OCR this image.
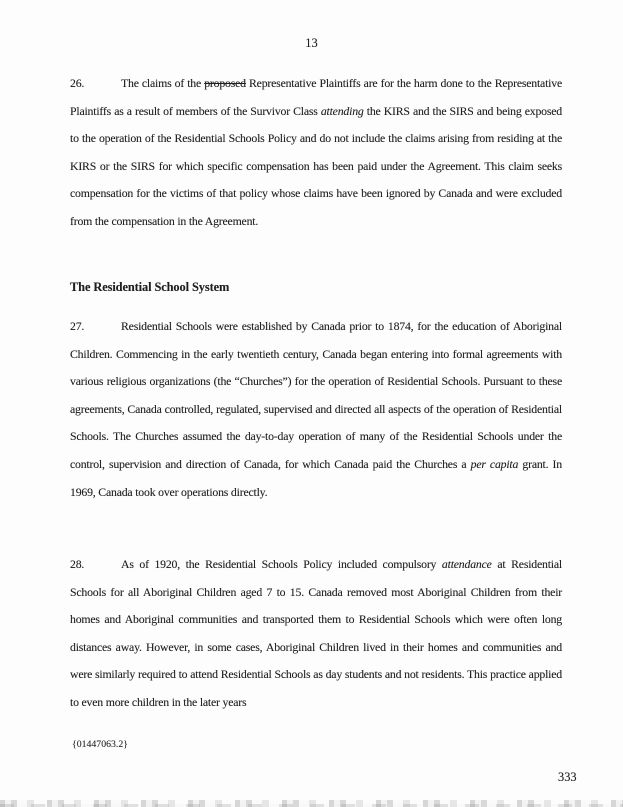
13

26.	The claims of the proposed Representative Plaintiffs are for the harm done to the Representative Plaintiffs as a result of members of the Survivor Class attending the KIRS and the SIRS and being exposed to the operation of the Residential Schools Policy and do not include the claims arising from residing at the KIRS or the SIRS for which specific compensation has been paid under the Agreement. This claim seeks compensation for the victims of that policy whose claims have been ignored by Canada and were excluded from the compensation in the Agreement.

The Residential School System

27.	Residential Schools were established by Canada prior to 1874, for the education of Aboriginal Children. Commencing in the early twentieth century, Canada began entering into formal agreements with various religious organizations (the “Churches”) for the operation of Residential Schools. Pursuant to these agreements, Canada controlled, regulated, supervised and directed all aspects of the operation of Residential Schools. The Churches assumed the day-to-day operation of many of the Residential Schools under the control, supervision and direction of Canada, for which Canada paid the Churches a per capita grant. In 1969, Canada took over operations directly.

28.	As of 1920, the Residential Schools Policy included compulsory attendance at Residential Schools for all Aboriginal Children aged 7 to 15. Canada removed most Aboriginal Children from their homes and Aboriginal communities and transported them to Residential Schools which were often long distances away. However, in some cases, Aboriginal Children lived in their homes and communities and were similarly required to attend Residential Schools as day students and not residents. This practice applied to even more children in the later years

{01447063.2}
333
